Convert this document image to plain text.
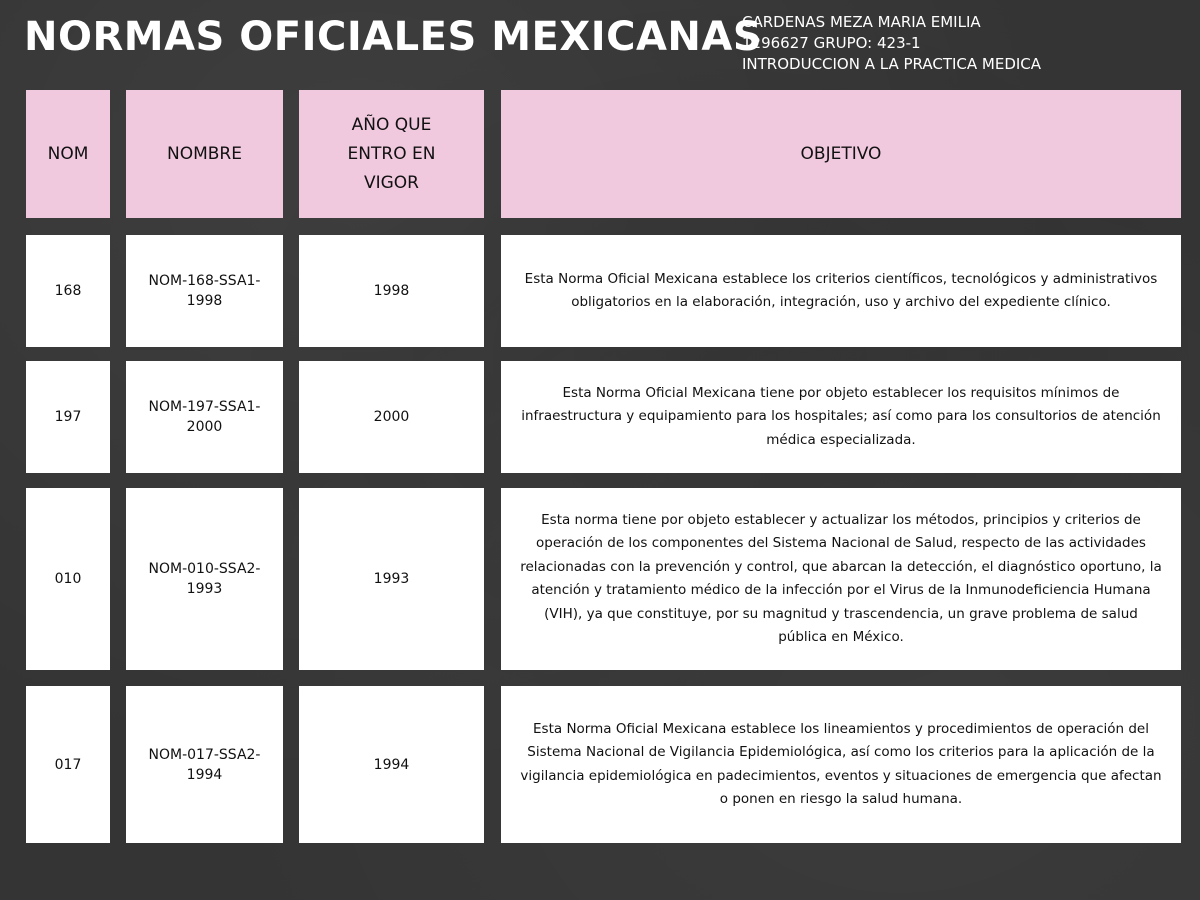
NORMAS OFICIALES MEXICANAS
CARDENAS MEZA MARIA EMILIA
1296627 GRUPO: 423-1
INTRODUCCION A LA PRACTICA MEDICA
NOM	NOMBRE
AÑO QUE ENTRO EN VIGOR
OBJETIVO
168
NOM-168-SSA1-1998
1998
Esta Norma Oficial Mexicana establece los criterios científicos, tecnológicos y administrativos obligatorios en la elaboración, integración, uso y archivo del expediente clínico.
197
NOM-197-SSA1-2000
2000
Esta Norma Oficial Mexicana tiene por objeto establecer los requisitos mínimos de infraestructura y equipamiento para los hospitales; así como para los consultorios de atención médica especializada.
010
NOM-010-SSA2-1993
1993
Esta norma tiene por objeto establecer y actualizar los métodos, principios y criterios de operación de los componentes del Sistema Nacional de Salud, respecto de las actividades relacionadas con la prevención y control, que abarcan la detección, el diagnóstico oportuno, la atención y tratamiento médico de la infección por el Virus de la Inmunodeficiencia Humana (VIH), ya que constituye, por su magnitud y trascendencia, un grave problema de salud pública en México.
017
NOM-017-SSA2-1994
1994
Esta Norma Oficial Mexicana establece los lineamientos y procedimientos de operación del Sistema Nacional de Vigilancia Epidemiológica, así como los criterios para la aplicación de la vigilancia epidemiológica en padecimientos, eventos y situaciones de emergencia que afectan o ponen en riesgo la salud humana.
